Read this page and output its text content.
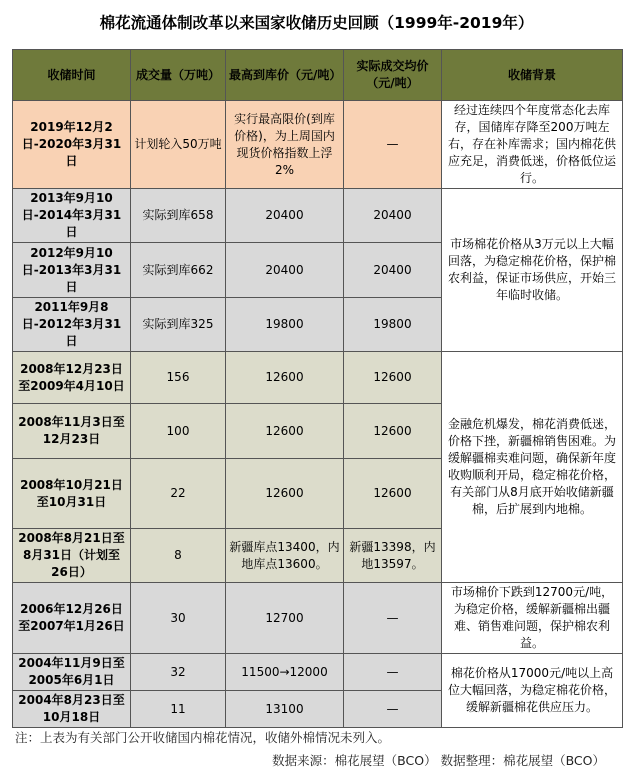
棉花流通体制改革以来国家收储历史回顾（1999年-2019年）
收储时间	成交量（万吨）	最高到库价（元/吨）	实际成交均价（元/吨）	收储背景
2019年12月2日-2020年3月31日	计划轮入50万吨	实行最高限价(到库价格)，为上周国内现货价格指数上浮2%	—	经过连续四个年度常态化去库存，国储库存降至200万吨左右，存在补库需求；国内棉花供应充足，消费低迷，价格低位运行。
2013年9月10日-2014年3月31日	实际到库658	20400	20400	市场棉花价格从3万元以上大幅回落，为稳定棉花价格，保护棉农利益，保证市场供应，开始三年临时收储。
2012年9月10日-2013年3月31日	实际到库662	20400	20400	
2011年9月8日-2012年3月31日	实际到库325	19800	19800	
2008年12月23日至2009年4月10日	156	12600	12600	金融危机爆发，棉花消费低迷，价格下挫，新疆棉销售困难。为缓解疆棉卖难问题，确保新年度收购顺利开局，稳定棉花价格，有关部门从8月底开始收储新疆棉，后扩展到内地棉。
2008年11月3日至12月23日	100	12600	12600	
2008年10月21日至10月31日	22	12600	12600	
2008年8月21日至8月31日（计划至26日）	8	新疆库点13400，内地库点13600。	新疆13398，内地13597。	
2006年12月26日至2007年1月26日	30	12700	—	市场棉价下跌到12700元/吨，为稳定价格，缓解新疆棉出疆难、销售难问题，保护棉农利益。
2004年11月9日至2005年6月1日	32	11500→12000	—	棉花价格从17000元/吨以上高位大幅回落，为稳定棉花价格，缓解新疆棉花供应压力。
2004年8月23日至10月18日	11	13100	—	
注：上表为有关部门公开收储国内棉花情况，收储外棉情况未列入。
数据来源：棉花展望（BCO） 数据整理：棉花展望（BCO）
